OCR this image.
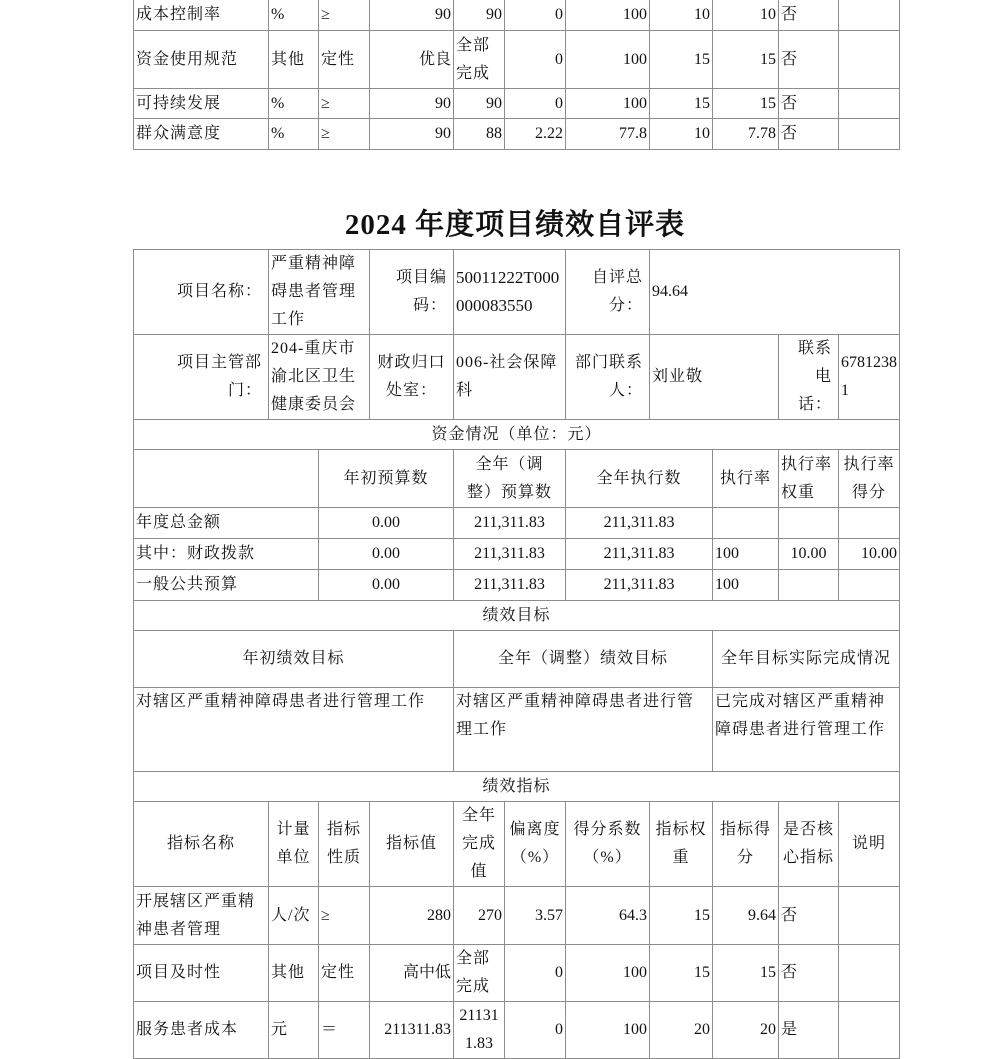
成本控制率	%	≥	90	90	0	100	10	10	否	
资金使用规范	其他	定性	优良	全部完成	0	100	15	15	否	
可持续发展	%	≥	90	90	0	100	15	15	否	
群众满意度	%	≥	90	88	2.22	77.8	10	7.78	否	
2024 年度项目绩效自评表
项目名称：	严重精神障碍患者管理工作		项目编码：	50011222T000000083550		自评总分：	94.64			
项目主管部门：	204-重庆市渝北区卫生健康委员会		财政归口处室：	006-社会保障科		部门联系人：	刘业敬		联系电话：	67812381
资金情况（单位：元）										
		年初预算数		全年（调整）预算数		全年执行数		执行率	执行率权重	执行率得分
年度总金额		0.00		211,311.83		211,311.83				
其中：财政拨款		0.00		211,311.83		211,311.83		100	10.00	10.00
一般公共预算		0.00		211,311.83		211,311.83		100		
绩效目标										
年初绩效目标				全年（调整）绩效目标				全年目标实际完成情况		
对辖区严重精神障碍患者进行管理工作				对辖区严重精神障碍患者进行管理工作				已完成对辖区严重精神障碍患者进行管理工作		
绩效指标										
指标名称	计量单位	指标性质	指标值	全年完成值	偏离度（%）	得分系数（%）	指标权重	指标得分	是否核心指标	说明
开展辖区严重精神患者管理	人/次	≥	280	270	3.57	64.3	15	9.64	否	
项目及时性	其他	定性	高中低	全部完成	0	100	15	15	否	
服务患者成本	元	＝	211311.83	211311.83	0	100	20	20	是	
